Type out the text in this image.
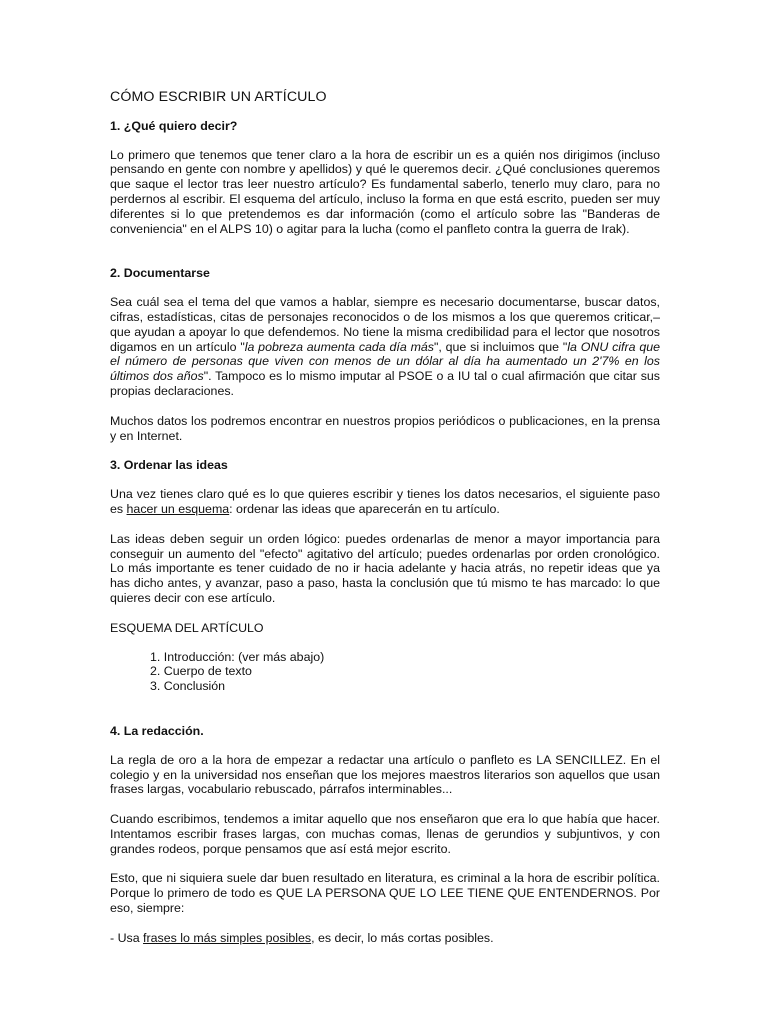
CÓMO ESCRIBIR UN ARTÍCULO
1. ¿Qué quiero decir?

Lo primero que tenemos que tener claro a la hora de escribir un es a quién nos dirigimos (incluso pensando en gente con nombre y apellidos) y qué le queremos decir. ¿Qué conclusiones queremos que saque el lector tras leer nuestro artículo? Es fundamental saberlo, tenerlo muy claro, para no perdernos al escribir. El esquema del artículo, incluso la forma en que está escrito, pueden ser muy diferentes si lo que pretendemos es dar información (como el artículo sobre las "Banderas de conveniencia" en el ALPS 10) o agitar para la lucha (como el panfleto contra la guerra de Irak).

2. Documentarse

Sea cuál sea el tema del que vamos a hablar, siempre es necesario documentarse, buscar datos, cifras, estadísticas, citas de personajes reconocidos o de los mismos a los que queremos criticar,–que ayudan a apoyar lo que defendemos. No tiene la misma credibilidad para el lector que nosotros digamos en un artículo "la pobreza aumenta cada día más", que si incluimos que "la ONU cifra que el número de personas que viven con menos de un dólar al día ha aumentado un 2'7% en los últimos dos años". Tampoco es lo mismo imputar al PSOE o a IU tal o cual afirmación que citar sus propias declaraciones.

Muchos datos los podremos encontrar en nuestros propios periódicos o publicaciones, en la prensa y en Internet.

3. Ordenar las ideas

Una vez tienes claro qué es lo que quieres escribir y tienes los datos necesarios, el siguiente paso es hacer un esquema: ordenar las ideas que aparecerán en tu artículo.

Las ideas deben seguir un orden lógico: puedes ordenarlas de menor a mayor importancia para conseguir un aumento del "efecto" agitativo del artículo; puedes ordenarlas por orden cronológico. Lo más importante es tener cuidado de no ir hacia adelante y hacia atrás, no repetir ideas que ya has dicho antes, y avanzar, paso a paso, hasta la conclusión que tú mismo te has marcado: lo que quieres decir con ese artículo.

ESQUEMA DEL ARTÍCULO
1. Introducción: (ver más abajo)
2. Cuerpo de texto
3. Conclusión
4. La redacción.

La regla de oro a la hora de empezar a redactar una artículo o panfleto es LA SENCILLEZ. En el colegio y en la universidad nos enseñan que los mejores maestros literarios son aquellos que usan frases largas, vocabulario rebuscado, párrafos interminables...

Cuando escribimos, tendemos a imitar aquello que nos enseñaron que era lo que había que hacer. Intentamos escribir frases largas, con muchas comas, llenas de gerundios y subjuntivos, y con grandes rodeos, porque pensamos que así está mejor escrito.

Esto, que ni siquiera suele dar buen resultado en literatura, es criminal a la hora de escribir política. Porque lo primero de todo es QUE LA PERSONA QUE LO LEE TIENE QUE ENTENDERNOS. Por eso, siempre:

- Usa frases lo más simples posibles, es decir, lo más cortas posibles.
